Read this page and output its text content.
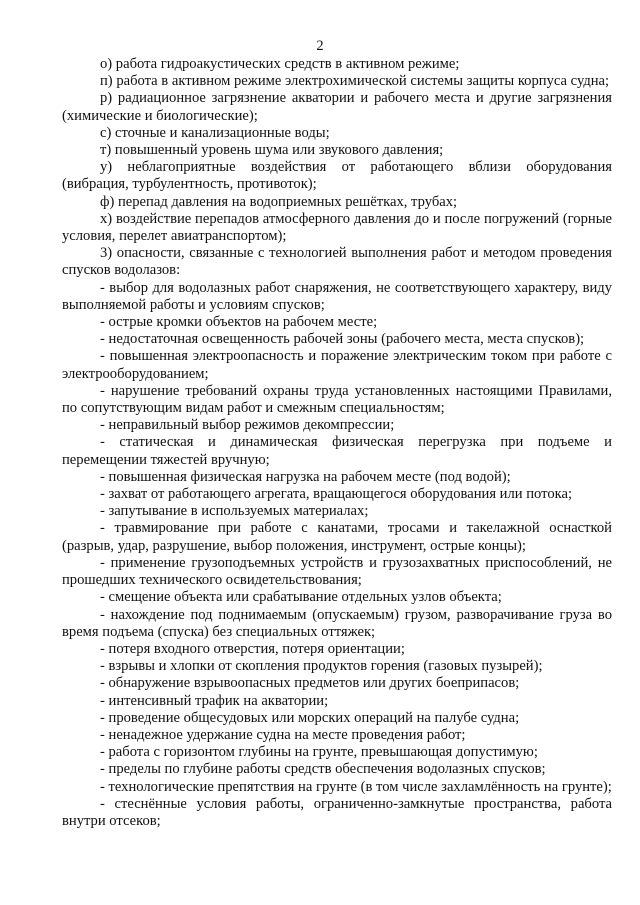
2

о) работа гидроакустических средств в активном режиме;

п) работа в активном режиме электрохимической системы защиты корпуса судна;

р) радиационное загрязнение акватории и рабочего места и другие загрязнения (химические и биологические);

с) сточные и канализационные воды;

т) повышенный уровень шума или звукового давления;

у) неблагоприятные воздействия от работающего вблизи оборудования (вибрация, турбулентность, противоток);

ф) перепад давления на водоприемных решётках, трубах;

х) воздействие перепадов атмосферного давления до и после погружений (горные условия, перелет авиатранспортом);

3) опасности, связанные с технологией выполнения работ и методом проведения спусков водолазов:

- выбор для водолазных работ снаряжения, не соответствующего характеру, виду выполняемой работы и условиям спусков;

- острые кромки объектов на рабочем месте;

- недостаточная освещенность рабочей зоны (рабочего места, места спусков);

- повышенная электроопасность и поражение электрическим током при работе с электрооборудованием;

- нарушение требований охраны труда установленных настоящими Правилами, по сопутствующим видам работ и смежным специальностям;

- неправильный выбор режимов декомпрессии;

- статическая и динамическая физическая перегрузка при подъеме и перемещении тяжестей вручную;

- повышенная физическая нагрузка на рабочем месте (под водой);

- захват от работающего агрегата, вращающегося оборудования или потока;

- запутывание в используемых материалах;

- травмирование при работе с канатами, тросами и такелажной оснасткой (разрыв, удар, разрушение, выбор положения, инструмент, острые концы);

- применение грузоподъемных устройств и грузозахватных приспособлений, не прошедших технического освидетельствования;

- смещение объекта или срабатывание отдельных узлов объекта;

- нахождение под поднимаемым (опускаемым) грузом, разворачивание груза во время подъема (спуска) без специальных оттяжек;

- потеря входного отверстия, потеря ориентации;

- взрывы и хлопки от скопления продуктов горения (газовых пузырей);

- обнаружение взрывоопасных предметов или других боеприпасов;

- интенсивный трафик на акватории;

- проведение общесудовых или морских операций на палубе судна;

- ненадежное удержание судна на месте проведения работ;

- работа с горизонтом глубины на грунте, превышающая допустимую;

- пределы по глубине работы средств обеспечения водолазных спусков;

- технологические препятствия на грунте (в том числе захламлённость на грунте);

- стеснённые условия работы, ограниченно-замкнутые пространства, работа внутри отсеков;
